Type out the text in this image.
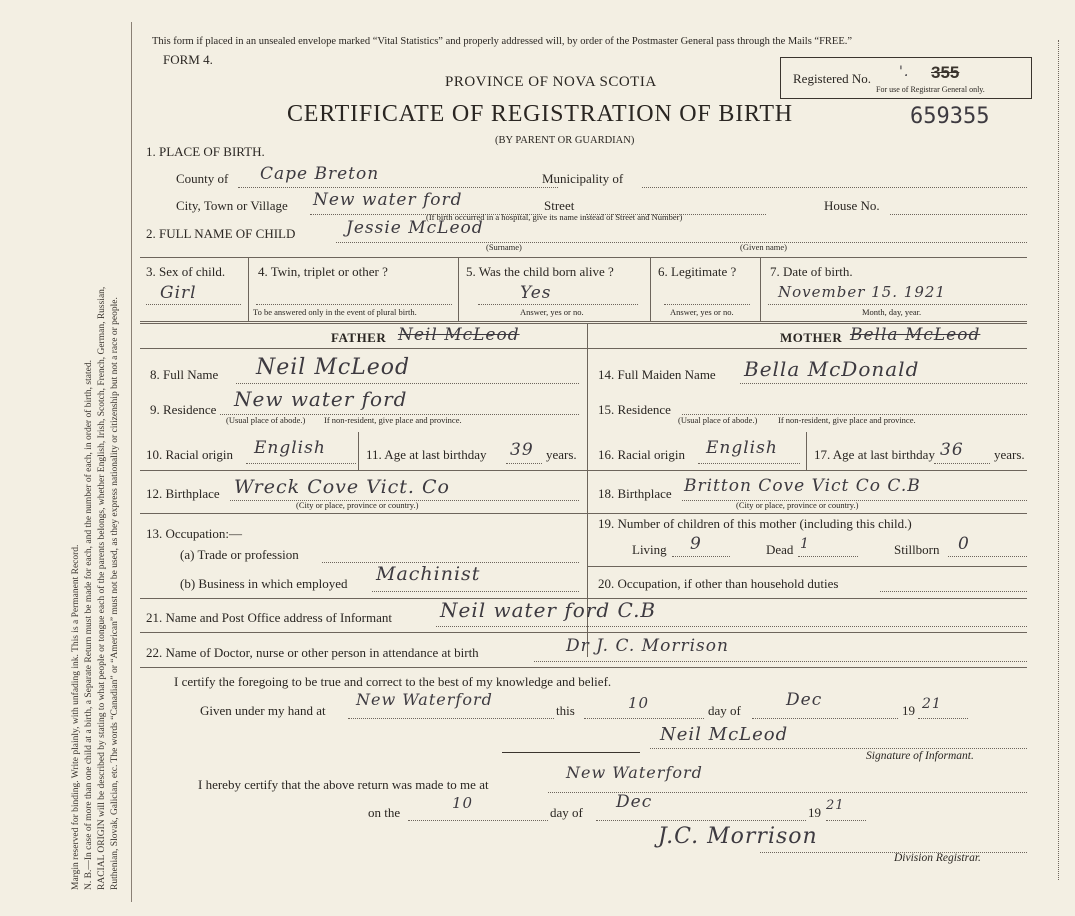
Margin reserved for binding. Write plainly, with unfading ink. This is a Permanent Record. N. B.—In case of more than one child at a birth, a Separate Return must be made for each, and the number of each, in order of birth, stated. RACIAL ORIGIN will be described by stating to what people or tongue each of the parents belongs, whether English, Irish, Scotch, French, German, Russian, Ruthenian, Slovak, Galician, etc. The words “Canadian” or “American” must not be used, as they express nationality or citizenship but not a race or people.
This form if placed in an unsealed envelope marked “Vital Statistics” and properly addressed will, by order of the Postmaster General pass through the Mails “FREE.”
FORM 4.
PROVINCE OF NOVA SCOTIA
CERTIFICATE OF REGISTRATION OF BIRTH
(BY PARENT OR GUARDIAN)
659355
Registered No. '. 355
For use of Registrar General only.
1. PLACE OF BIRTH.
County of Cape Breton	Municipality of
City, Town or Village New water ford	Street	House No.
(If birth occurred in a hospital, give its name instead of Street and Number)
2. FULL NAME OF CHILD	Jessie McLeod
(Surname)	(Given name)
3. Sex of child.
Girl
4. Twin, triplet or other ?
To be answered only in the event of plural birth.
5. Was the child born alive ?
Yes
Answer, yes or no.
6. Legitimate ?
Answer, yes or no.
7. Date of birth.
November 15. 1921
Month, day, year.
FATHER Neil McLeod	MOTHER Bella McLeod
8. Full Name Neil McLeod
9. Residence New water ford
(Usual place of abode.) If non-resident, give place and province.
10. Racial origin English	11. Age at last birthday 39 years.
12. Birthplace Wreck Cove Vict. Co
(City or place, province or country.)
13. Occupation:—
(a) Trade or profession
(b) Business in which employed Machinist
14. Full Maiden Name Bella McDonald
15. Residence
(Usual place of abode.) If non-resident, give place and province.
16. Racial origin English	17. Age at last birthday 36 years.
18. Birthplace Britton Cove Vict Co C.B
(City or place, province or country.)
19. Number of children of this mother (including this child.)
Living 9	Dead 1	Stillborn 0
20. Occupation, if other than household duties
21. Name and Post Office address of Informant Neil water ford C.B
22. Name of Doctor, nurse or other person in attendance at birth	Dr J. C. Morrison
I certify the foregoing to be true and correct to the best of my knowledge and belief.
Given under my hand at
New Waterford
this	10	day of
Dec
19 21
Neil McLeod
Signature of Informant.
I hereby certify that the above return was made to me at
New Waterford
on the
10
day of
Dec
19 21
J.C. Morrison
Division Registrar.
